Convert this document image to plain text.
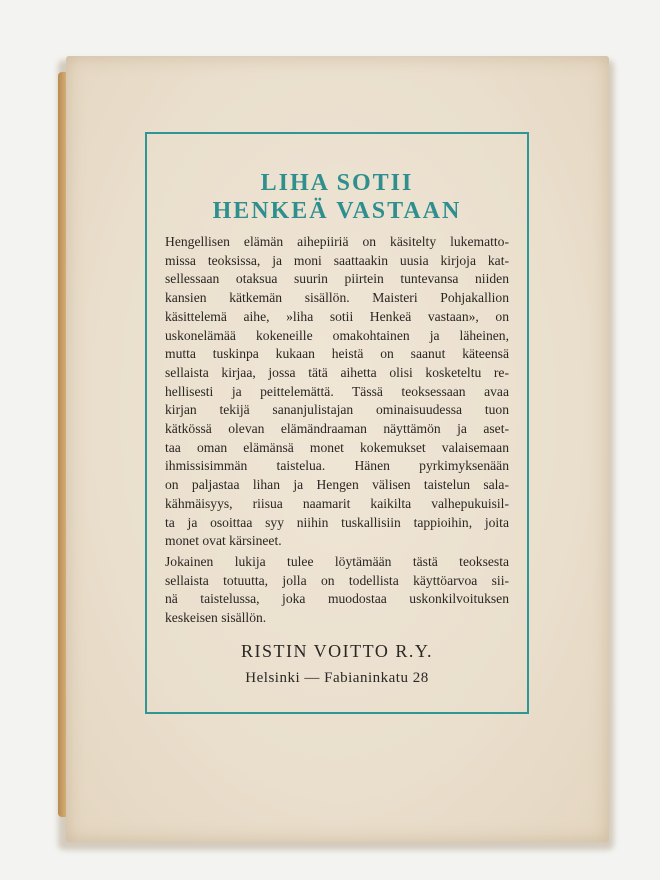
LIHA SOTII
HENKEÄ VASTAAN
Hengellisen elämän aihepiiriä on käsitelty lukematto-
missa teoksissa, ja moni saattaakin uusia kirjoja kat-
sellessaan otaksua suurin piirtein tuntevansa niiden
kansien kätkemän sisällön. Maisteri Pohjakallion
käsittelemä aihe, »liha sotii Henkeä vastaan», on
uskonelämää kokeneille omakohtainen ja läheinen,
mutta tuskinpa kukaan heistä on saanut käteensä
sellaista kirjaa, jossa tätä aihetta olisi kosketeltu re-
hellisesti ja peittelemättä. Tässä teoksessaan avaa
kirjan tekijä sananjulistajan ominaisuudessa tuon
kätkössä olevan elämändraaman näyttämön ja aset-
taa oman elämänsä monet kokemukset valaisemaan
ihmissisimmän taistelua. Hänen pyrkimyksenään
on paljastaa lihan ja Hengen välisen taistelun sala-
kähmäisyys, riisua naamarit kaikilta valhepukuisil-
ta ja osoittaa syy niihin tuskallisiin tappioihin, joita
monet ovat kärsineet.
Jokainen lukija tulee löytämään tästä teoksesta
sellaista totuutta, jolla on todellista käyttöarvoa sii-
nä taistelussa, joka muodostaa uskonkilvoituksen
keskeisen sisällön.
RISTIN VOITTO R.Y.
Helsinki — Fabianinkatu 28
